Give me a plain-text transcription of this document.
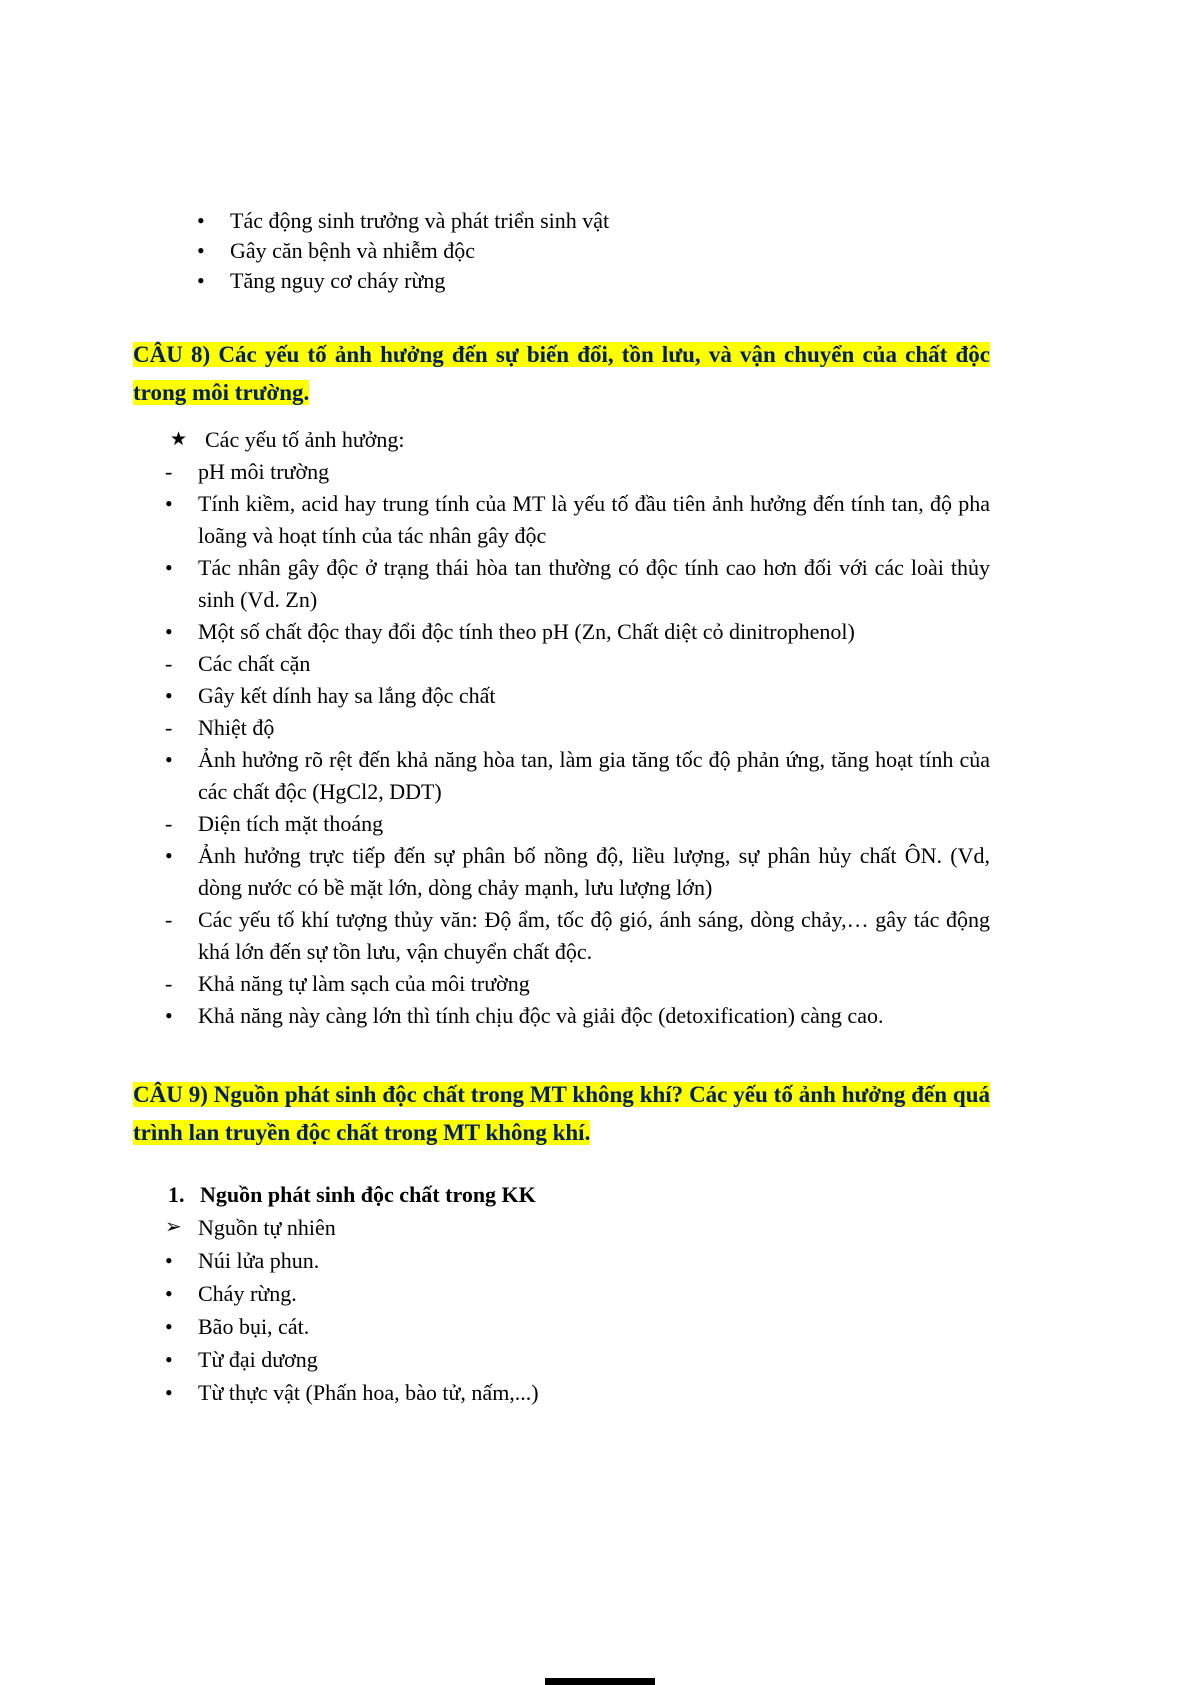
•	Tác động sinh trưởng và phát triển sinh vật
•	Gây căn bệnh và nhiễm độc
•	Tăng nguy cơ cháy rừng
CÂU 8) Các yếu tố ảnh hưởng đến sự biến đổi, tồn lưu, và vận chuyển của chất độc trong môi trường.
★ Các yếu tố ảnh hưởng:
-	pH môi trường
•	Tính kiềm, acid hay trung tính của MT là yếu tố đầu tiên ảnh hưởng đến tính tan, độ pha loãng và hoạt tính của tác nhân gây độc
•	Tác nhân gây độc ở trạng thái hòa tan thường có độc tính cao hơn đối với các loài thủy sinh (Vd. Zn)
•	Một số chất độc thay đổi độc tính theo pH (Zn, Chất diệt cỏ dinitrophenol)
-	Các chất cặn
•	Gây kết dính hay sa lắng độc chất
-	Nhiệt độ
•	Ảnh hưởng rõ rệt đến khả năng hòa tan, làm gia tăng tốc độ phản ứng, tăng hoạt tính của các chất độc (HgCl2, DDT)
-	Diện tích mặt thoáng
•	Ảnh hưởng trực tiếp đến sự phân bố nồng độ, liều lượng, sự phân hủy chất ÔN. (Vd, dòng nước có bề mặt lớn, dòng chảy mạnh, lưu lượng lớn)
-	Các yếu tố khí tượng thủy văn: Độ ẩm, tốc độ gió, ánh sáng, dòng chảy,… gây tác động khá lớn đến sự tồn lưu, vận chuyển chất độc.
-	Khả năng tự làm sạch của môi trường
•	Khả năng này càng lớn thì tính chịu độc và giải độc (detoxification) càng cao.
CÂU 9) Nguồn phát sinh độc chất trong MT không khí? Các yếu tố ảnh hưởng đến quá trình lan truyền độc chất trong MT không khí.
1. Nguồn phát sinh độc chất trong KK
➢ Nguồn tự nhiên
•	Núi lửa phun.
•	Cháy rừng.
•	Bão bụi, cát.
•	Từ đại dương
•	Từ thực vật (Phấn hoa, bào tử, nấm,...)
